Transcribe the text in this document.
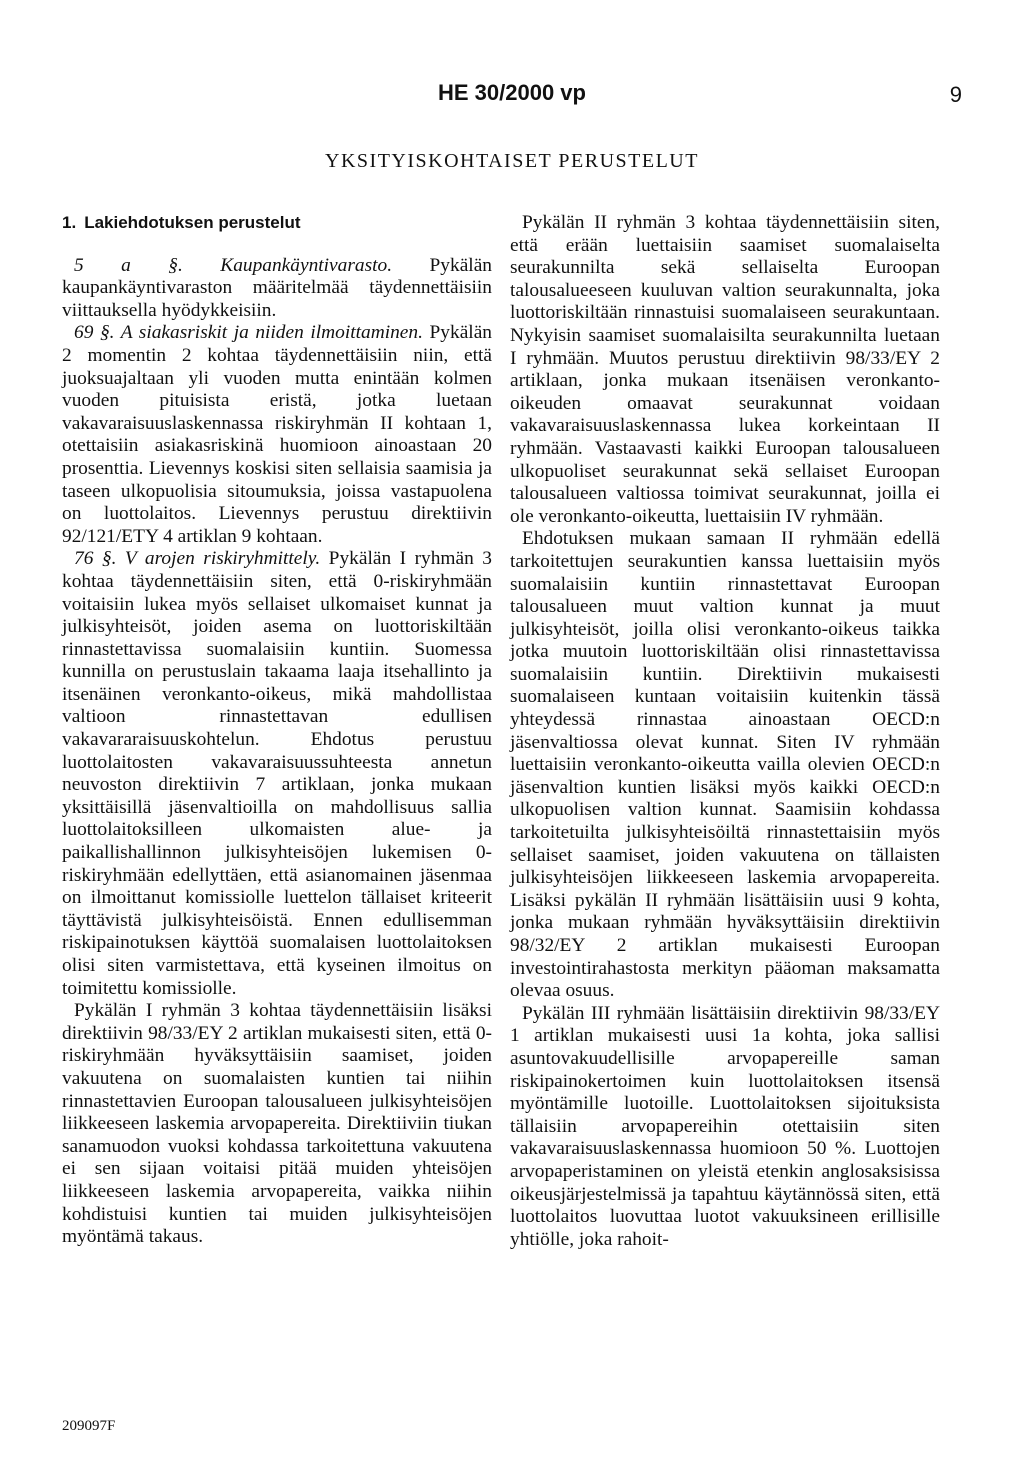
HE 30/2000 vp	9
YKSITYISKOHTAISET PERUSTELUT
1. Lakiehdotuksen perustelut

5 a §. Kaupankäyntivarasto. Pykälän kaupankäyntivaraston määritelmää täydennettäisiin viittauksella hyödykkeisiin.

69 §. A siakasriskit ja niiden ilmoittaminen. Pykälän 2 momentin 2 kohtaa täydennettäisiin niin, että juoksuajaltaan yli vuoden mutta enintään kolmen vuoden pituisista eristä, jotka luetaan vakavaraisuuslaskennassa riskiryhmän II kohtaan 1, otettaisiin asiakasriskinä huomioon ainoastaan 20 prosenttia. Lievennys koskisi siten sellaisia saamisia ja taseen ulkopuolisia sitoumuksia, joissa vastapuolena on luottolaitos. Lievennys perustuu direktiivin 92/121/ETY 4 artiklan 9 kohtaan.

76 §. V arojen riskiryhmittely. Pykälän I ryhmän 3 kohtaa täydennettäisiin siten, että 0-riskiryhmään voitaisiin lukea myös sellaiset ulkomaiset kunnat ja julkisyhteisöt, joiden asema on luottoriskiltään rinnastettavissa suomalaisiin kuntiin. Suomessa kunnilla on perustuslain takaama laaja itsehallinto ja itsenäinen veronkanto-oikeus, mikä mahdollistaa valtioon rinnastettavan edullisen vakavararaisuuskohtelun. Ehdotus perustuu luottolaitosten vakavaraisuussuhteesta annetun neuvoston direktiivin 7 artiklaan, jonka mukaan yksittäisillä jäsenvaltioilla on mahdollisuus sallia luottolaitoksilleen ulkomaisten alue- ja paikallishallinnon julkisyhteisöjen lukemisen 0-riskiryhmään edellyttäen, että asianomainen jäsenmaa on ilmoittanut komissiolle luettelon tällaiset kriteerit täyttävistä julkisyhteisöistä. Ennen edullisemman riskipainotuksen käyttöä suomalaisen luottolaitoksen olisi siten varmistettava, että kyseinen ilmoitus on toimitettu komissiolle.

Pykälän I ryhmän 3 kohtaa täydennettäisiin lisäksi direktiivin 98/33/EY 2 artiklan mukaisesti siten, että 0-riskiryhmään hyväksyttäisiin saamiset, joiden vakuutena on suomalaisten kuntien tai niihin rinnastettavien Euroopan talousalueen julkisyhteisöjen liikkeeseen laskemia arvopapereita. Direktiiviin tiukan sanamuodon vuoksi kohdassa tarkoitettuna vakuutena ei sen sijaan voitaisi pitää muiden yhteisöjen liikkeeseen laskemia arvopapereita, vaikka niihin kohdistuisi kuntien tai muiden julkisyhteisöjen myöntämä takaus.

Pykälän II ryhmän 3 kohtaa täydennettäisiin siten, että erään luettaisiin saamiset suomalaiselta seurakunnilta sekä sellaiselta Euroopan talousalueeseen kuuluvan valtion seurakunnalta, joka luottoriskiltään rinnastuisi suomalaiseen seurakuntaan. Nykyisin saamiset suomalaisilta seurakunnilta luetaan I ryhmään. Muutos perustuu direktiivin 98/33/EY 2 artiklaan, jonka mukaan itsenäisen veronkanto-oikeuden omaavat seurakunnat voidaan vakavaraisuuslaskennassa lukea korkeintaan II ryhmään. Vastaavasti kaikki Euroopan talousalueen ulkopuoliset seurakunnat sekä sellaiset Euroopan talousalueen valtiossa toimivat seurakunnat, joilla ei ole veronkanto-oikeutta, luettaisiin IV ryhmään.

Ehdotuksen mukaan samaan II ryhmään edellä tarkoitettujen seurakuntien kanssa luettaisiin myös suomalaisiin kuntiin rinnastettavat Euroopan talousalueen muut valtion kunnat ja muut julkisyhteisöt, joilla olisi veronkanto-oikeus taikka jotka muutoin luottoriskiltään olisi rinnastettavissa suomalaisiin kuntiin. Direktiivin mukaisesti suomalaiseen kuntaan voitaisiin kuitenkin tässä yhteydessä rinnastaa ainoastaan OECD:n jäsenvaltiossa olevat kunnat. Siten IV ryhmään luettaisiin veronkanto-oikeutta vailla olevien OECD:n jäsenvaltion kuntien lisäksi myös kaikki OECD:n ulkopuolisen valtion kunnat. Saamisiin kohdassa tarkoitetuilta julkisyhteisöiltä rinnastettaisiin myös sellaiset saamiset, joiden vakuutena on tällaisten julkisyhteisöjen liikkeeseen laskemia arvopapereita. Lisäksi pykälän II ryhmään lisättäisiin uusi 9 kohta, jonka mukaan ryhmään hyväksyttäisiin direktiivin 98/32/EY 2 artiklan mukaisesti Euroopan investointirahastosta merkityn pääoman maksamatta olevaa osuus.

Pykälän III ryhmään lisättäisiin direktiivin 98/33/EY 1 artiklan mukaisesti uusi 1a kohta, joka sallisi asuntovakuudellisille arvopapereille saman riskipainokertoimen kuin luottolaitoksen itsensä myöntämille luotoille. Luottolaitoksen sijoituksista tällaisiin arvopapereihin otettaisiin siten vakavaraisuuslaskennassa huomioon 50 %. Luottojen arvopaperistaminen on yleistä etenkin anglosaksisissa oikeusjärjestelmissä ja tapahtuu käytännössä siten, että luottolaitos luovuttaa luotot vakuuksineen erillisille yhtiölle, joka rahoit-

209097F
